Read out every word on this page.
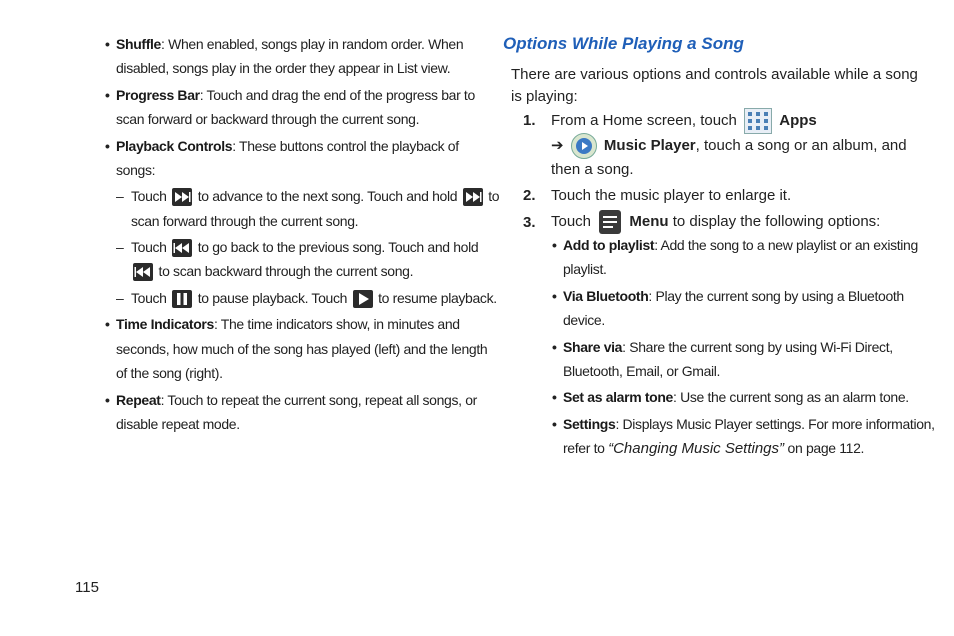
• Shuffle: When enabled, songs play in random order. When
disabled, songs play in the order they appear in List view.
• Progress Bar: Touch and drag the end of the progress bar to
scan forward or backward through the current song.
• Playback Controls: These buttons control the playback of
songs:
– Touch to advance to the next song. Touch and hold to
scan forward through the current song.
– Touch to go back to the previous song. Touch and hold
to scan backward through the current song.
– Touch to pause playback. Touch to resume playback.
• Time Indicators: The time indicators show, in minutes and
seconds, how much of the song has played (left) and the length
of the song (right).
• Repeat: Touch to repeat the current song, repeat all songs, or
disable repeat mode.
Options While Playing a Song
There are various options and controls available while a song
is playing:
1. From a Home screen, touch	Apps
➔	Music Player, touch a song or an album, and
then a song.
2. Touch the music player to enlarge it.
3. Touch	Menu to display the following options:
• Add to playlist: Add the song to a new playlist or an existing
playlist.
• Via Bluetooth: Play the current song by using a Bluetooth
device.
• Share via: Share the current song by using Wi-Fi Direct,
Bluetooth, Email, or Gmail.
• Set as alarm tone: Use the current song as an alarm tone.
• Settings: Displays Music Player settings. For more information,
refer to “Changing Music Settings” on page 112.
115
